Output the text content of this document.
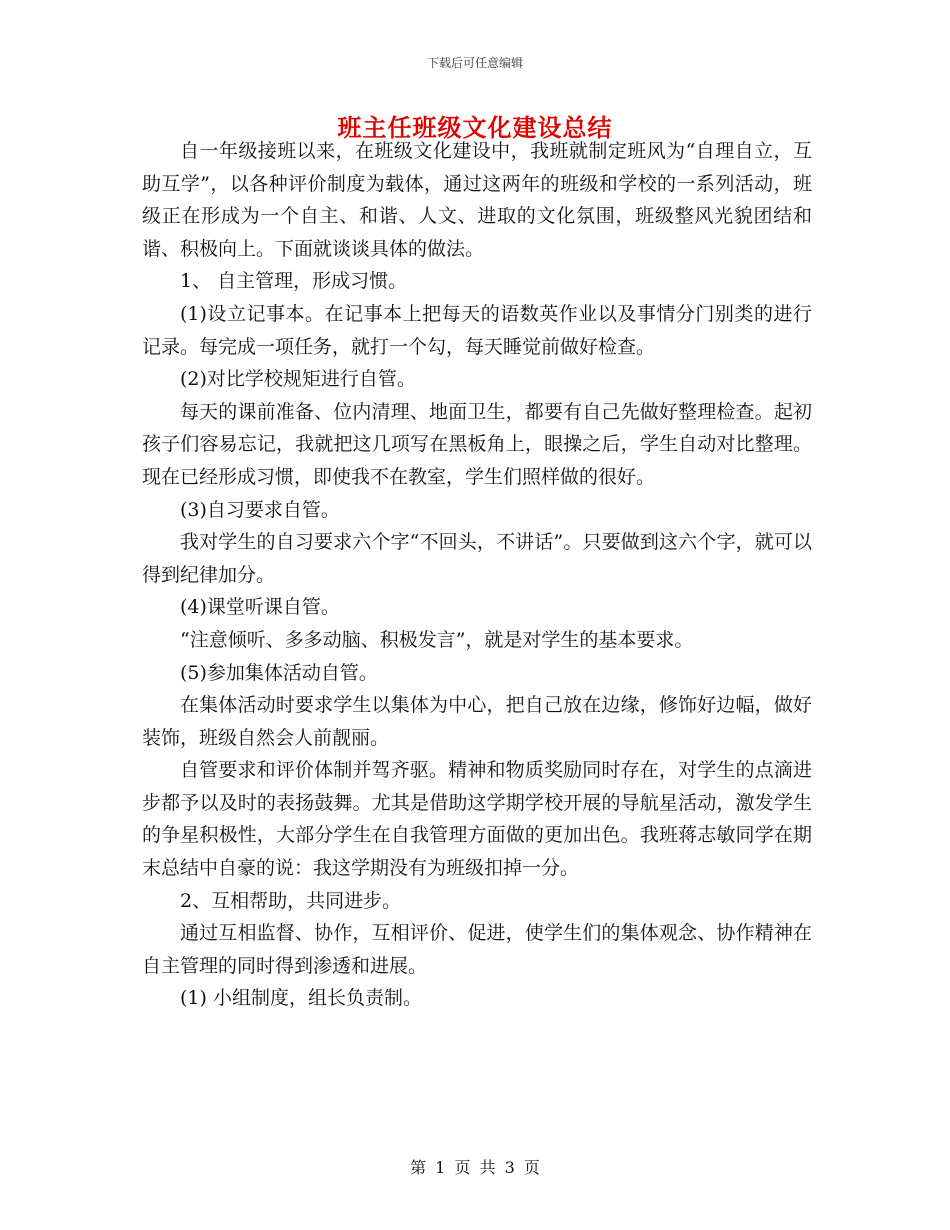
下载后可任意编辑
班主任班级文化建设总结

自一年级接班以来，在班级文化建设中，我班就制定班风为“自理自立，互助互学”，以各种评价制度为载体，通过这两年的班级和学校的一系列活动，班级正在形成为一个自主、和谐、人文、进取的文化氛围，班级整风光貌团结和谐、积极向上。下面就谈谈具体的做法。

1、 自主管理，形成习惯。

(1)设立记事本。在记事本上把每天的语数英作业以及事情分门别类的进行记录。每完成一项任务，就打一个勾，每天睡觉前做好检查。

(2)对比学校规矩进行自管。

每天的课前准备、位内清理、地面卫生，都要有自己先做好整理检查。起初孩子们容易忘记，我就把这几项写在黑板角上，眼操之后，学生自动对比整理。现在已经形成习惯，即使我不在教室，学生们照样做的很好。

(3)自习要求自管。

我对学生的自习要求六个字“不回头，不讲话”。只要做到这六个字，就可以得到纪律加分。

(4)课堂听课自管。

“注意倾听、多多动脑、积极发言”，就是对学生的基本要求。

(5)参加集体活动自管。

在集体活动时要求学生以集体为中心，把自己放在边缘，修饰好边幅，做好装饰，班级自然会人前靓丽。

自管要求和评价体制并驾齐驱。精神和物质奖励同时存在，对学生的点滴进步都予以及时的表扬鼓舞。尤其是借助这学期学校开展的导航星活动，激发学生的争星积极性，大部分学生在自我管理方面做的更加出色。我班蒋志敏同学在期末总结中自豪的说：我这学期没有为班级扣掉一分。

2、互相帮助，共同进步。

通过互相监督、协作，互相评价、促进，使学生们的集体观念、协作精神在自主管理的同时得到渗透和进展。

(1) 小组制度，组长负责制。

第 1 页 共 3 页
